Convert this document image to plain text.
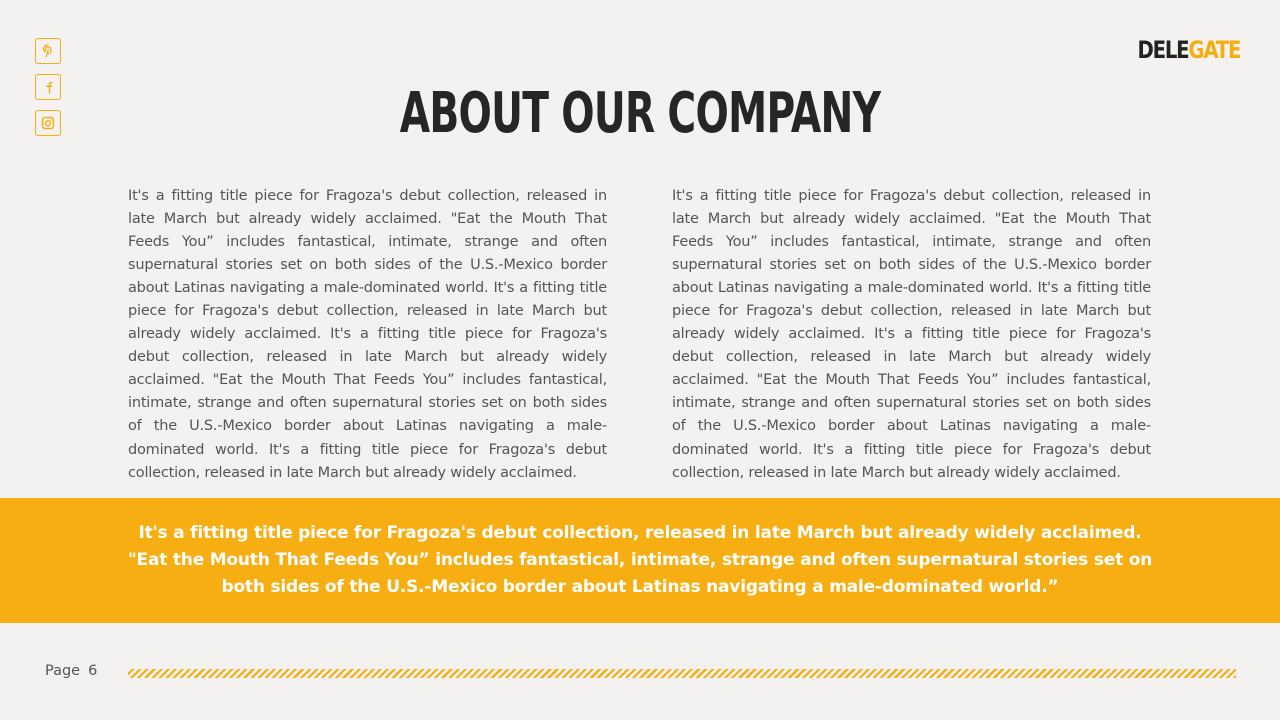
DELEGATE
ABOUT OUR COMPANY

It's a fitting title piece for Fragoza's debut collection, released in late March but already widely acclaimed. "Eat the Mouth That Feeds You” includes fantastical, intimate, strange and often supernatural stories set on both sides of the U.S.-Mexico border about Latinas navigating a male-dominated world. It's a fitting title piece for Fragoza's debut collection, released in late March but already widely acclaimed. It's a fitting title piece for Fragoza's debut collection, released in late March but already widely acclaimed. "Eat the Mouth That Feeds You” includes fantastical, intimate, strange and often supernatural stories set on both sides of the U.S.-Mexico border about Latinas navigating a male-dominated world. It's a fitting title piece for Fragoza's debut collection, released in late March but already widely acclaimed.

It's a fitting title piece for Fragoza's debut collection, released in late March but already widely acclaimed. "Eat the Mouth That Feeds You” includes fantastical, intimate, strange and often supernatural stories set on both sides of the U.S.-Mexico border about Latinas navigating a male-dominated world. It's a fitting title piece for Fragoza's debut collection, released in late March but already widely acclaimed. It's a fitting title piece for Fragoza's debut collection, released in late March but already widely acclaimed. "Eat the Mouth That Feeds You” includes fantastical, intimate, strange and often supernatural stories set on both sides of the U.S.-Mexico border about Latinas navigating a male-dominated world. It's a fitting title piece for Fragoza's debut collection, released in late March but already widely acclaimed.

It's a fitting title piece for Fragoza's debut collection, released in late March but already widely acclaimed. "Eat the Mouth That Feeds You” includes fantastical, intimate, strange and often supernatural stories set on both sides of the U.S.-Mexico border about Latinas navigating a male-dominated world.”
Page 6
